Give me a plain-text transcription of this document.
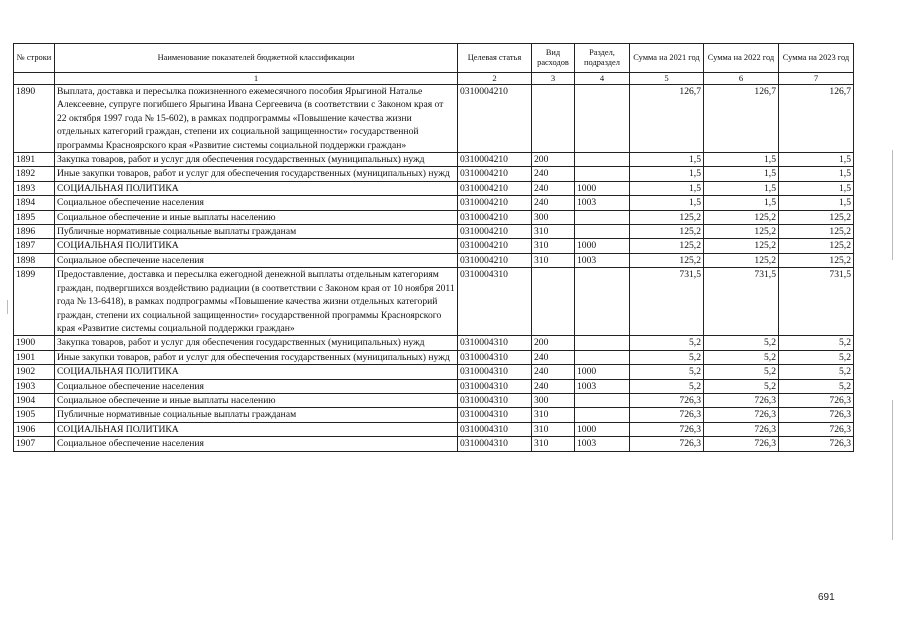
№ строки	Наименование показателей бюджетной классификации	Целевая статья	Вид расходов	Раздел, подраздел	Сумма на 2021 год	Сумма на 2022 год	Сумма на 2023 год
	1	2	3	4	5	6	7
1890	Выплата, доставка и пересылка пожизненного ежемесячного пособия Ярыгиной Наталье Алексеевне, супруге погибшего Ярыгина Ивана Сергеевича (в соответствии с Законом края от 22 октября 1997 года № 15-602), в рамках подпрограммы «Повышение качества жизни отдельных категорий граждан, степени их социальной защищенности» государственной программы Красноярского края «Развитие системы социальной поддержки граждан»	0310004210			126,7	126,7	126,7
1891	Закупка товаров, работ и услуг для обеспечения государственных (муниципальных) нужд	0310004210	200		1,5	1,5	1,5
1892	Иные закупки товаров, работ и услуг для обеспечения государственных (муниципальных) нужд	0310004210	240		1,5	1,5	1,5
1893	СОЦИАЛЬНАЯ ПОЛИТИКА	0310004210	240	1000	1,5	1,5	1,5
1894	Социальное обеспечение населения	0310004210	240	1003	1,5	1,5	1,5
1895	Социальное обеспечение и иные выплаты населению	0310004210	300		125,2	125,2	125,2
1896	Публичные нормативные социальные выплаты гражданам	0310004210	310		125,2	125,2	125,2
1897	СОЦИАЛЬНАЯ ПОЛИТИКА	0310004210	310	1000	125,2	125,2	125,2
1898	Социальное обеспечение населения	0310004210	310	1003	125,2	125,2	125,2
1899	Предоставление, доставка и пересылка ежегодной денежной выплаты отдельным категориям граждан, подвергшихся воздействию радиации (в соответствии с Законом края от 10 ноября 2011 года № 13-6418), в рамках подпрограммы «Повышение качества жизни отдельных категорий граждан, степени их социальной защищенности» государственной программы Красноярского края «Развитие системы социальной поддержки граждан»	0310004310			731,5	731,5	731,5
1900	Закупка товаров, работ и услуг для обеспечения государственных (муниципальных) нужд	0310004310	200		5,2	5,2	5,2
1901	Иные закупки товаров, работ и услуг для обеспечения государственных (муниципальных) нужд	0310004310	240		5,2	5,2	5,2
1902	СОЦИАЛЬНАЯ ПОЛИТИКА	0310004310	240	1000	5,2	5,2	5,2
1903	Социальное обеспечение населения	0310004310	240	1003	5,2	5,2	5,2
1904	Социальное обеспечение и иные выплаты населению	0310004310	300		726,3	726,3	726,3
1905	Публичные нормативные социальные выплаты гражданам	0310004310	310		726,3	726,3	726,3
1906	СОЦИАЛЬНАЯ ПОЛИТИКА	0310004310	310	1000	726,3	726,3	726,3
1907	Социальное обеспечение населения	0310004310	310	1003	726,3	726,3	726,3
691
